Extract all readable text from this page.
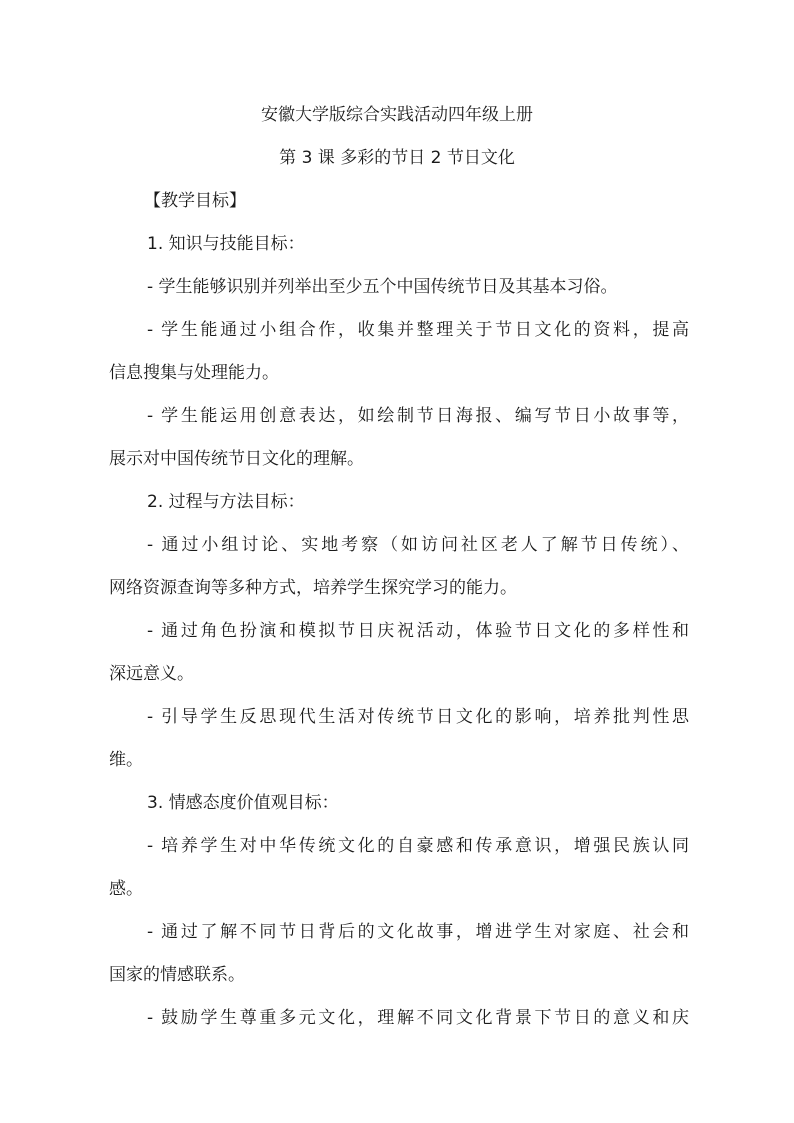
安徽大学版综合实践活动四年级上册
第 3 课 多彩的节日 2 节日文化
【教学目标】
1. 知识与技能目标：
- 学生能够识别并列举出至少五个中国传统节日及其基本习俗。
- 学生能通过小组合作，收集并整理关于节日文化的资料，提高
信息搜集与处理能力。
- 学生能运用创意表达，如绘制节日海报、编写节日小故事等，
展示对中国传统节日文化的理解。
2. 过程与方法目标：
- 通过小组讨论、实地考察（如访问社区老人了解节日传统）、
网络资源查询等多种方式，培养学生探究学习的能力。
- 通过角色扮演和模拟节日庆祝活动，体验节日文化的多样性和
深远意义。
- 引导学生反思现代生活对传统节日文化的影响，培养批判性思
维。
3. 情感态度价值观目标：
- 培养学生对中华传统文化的自豪感和传承意识，增强民族认同
感。
- 通过了解不同节日背后的文化故事，增进学生对家庭、社会和
国家的情感联系。
- 鼓励学生尊重多元文化，理解不同文化背景下节日的意义和庆
